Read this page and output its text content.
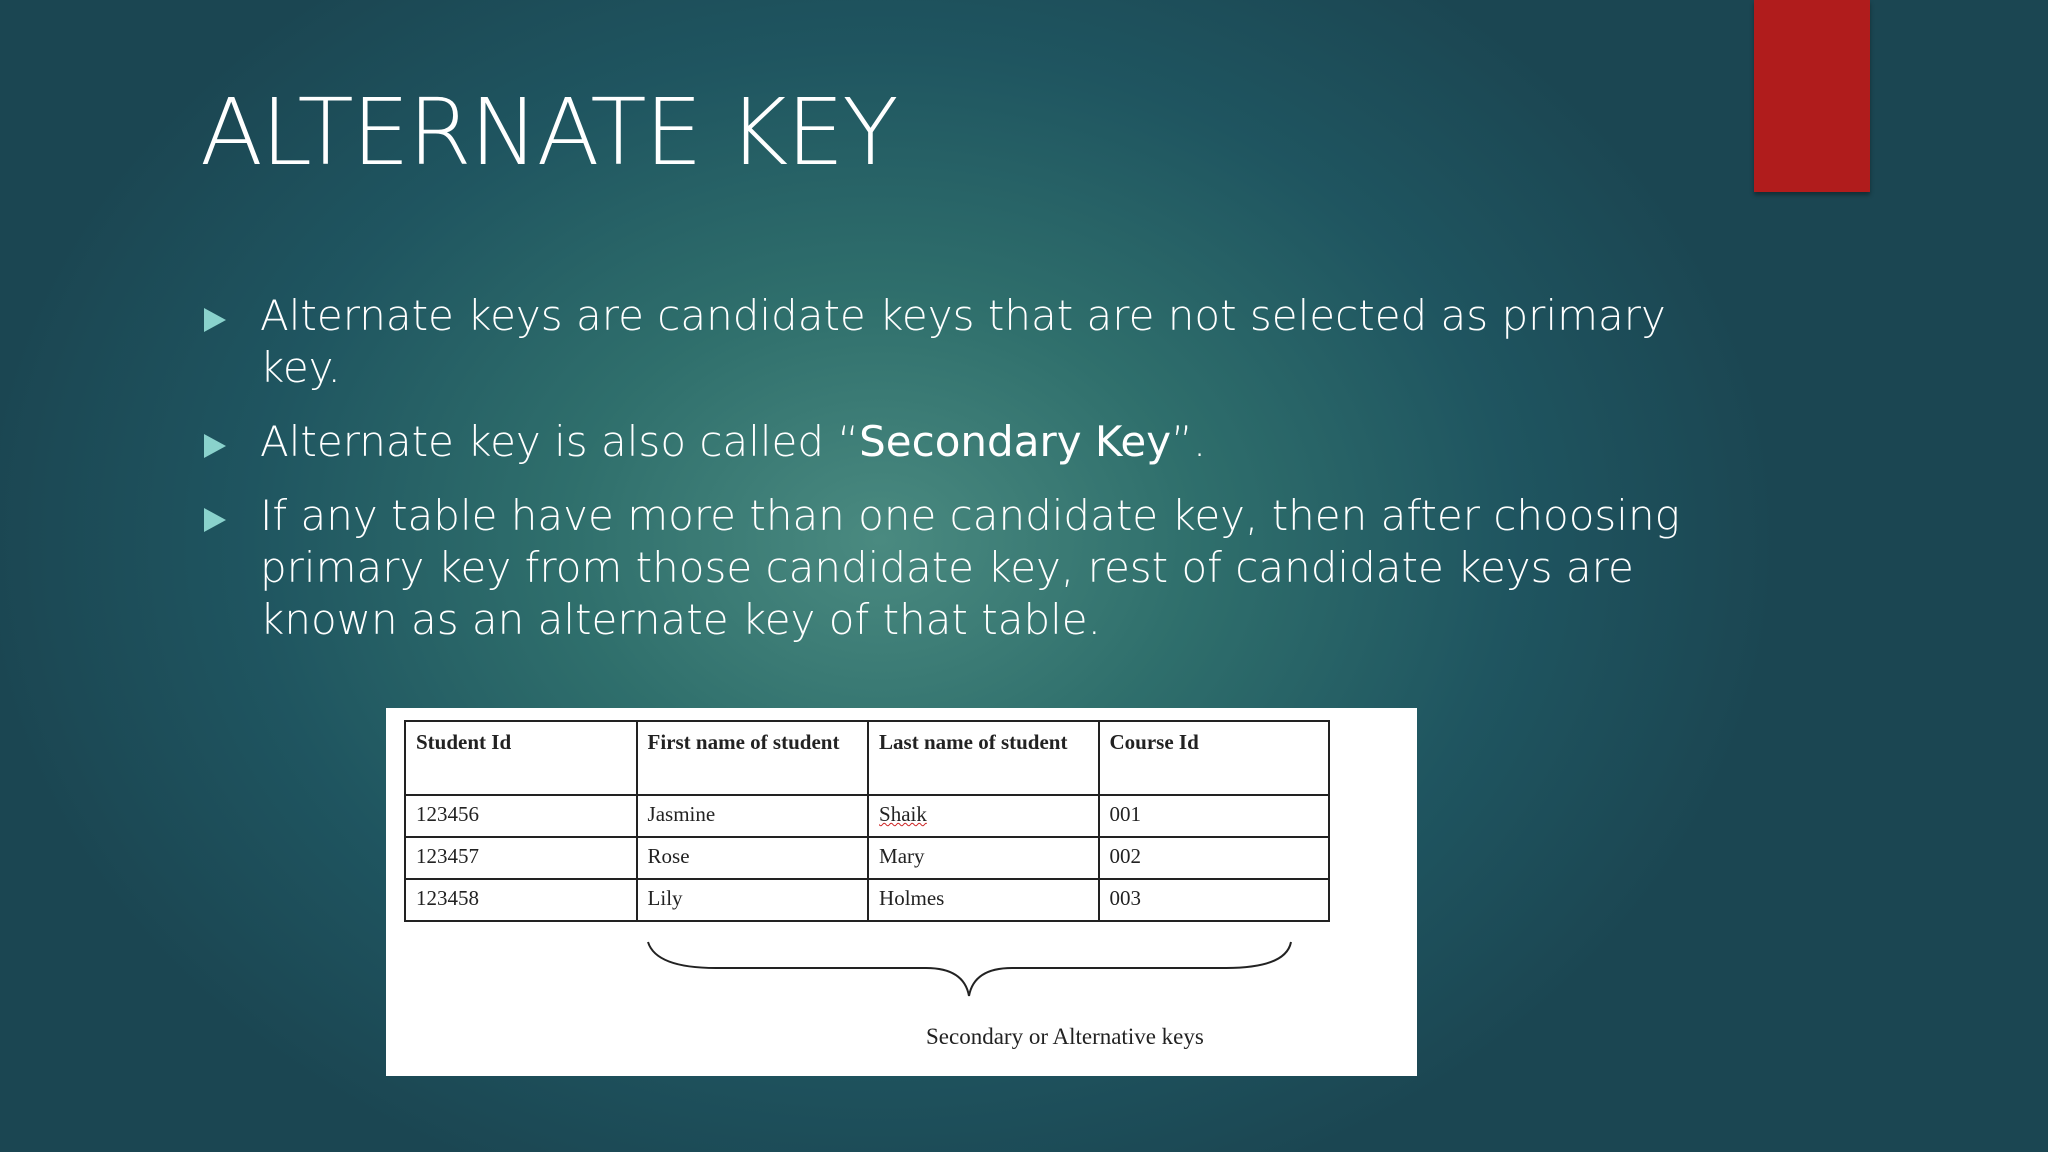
ALTERNATE KEY
Alternate keys are candidate keys that are not selected as primary key.
Alternate key is also called “Secondary Key”.
If any table have more than one candidate key, then after choosing primary key from those candidate key, rest of candidate keys are known as an alternate key of that table.
Student Id	First name of student	Last name of student	Course Id
123456	Jasmine	Shaik	001
123457	Rose	Mary	002
123458	Lily	Holmes	003
Secondary or Alternative keys
